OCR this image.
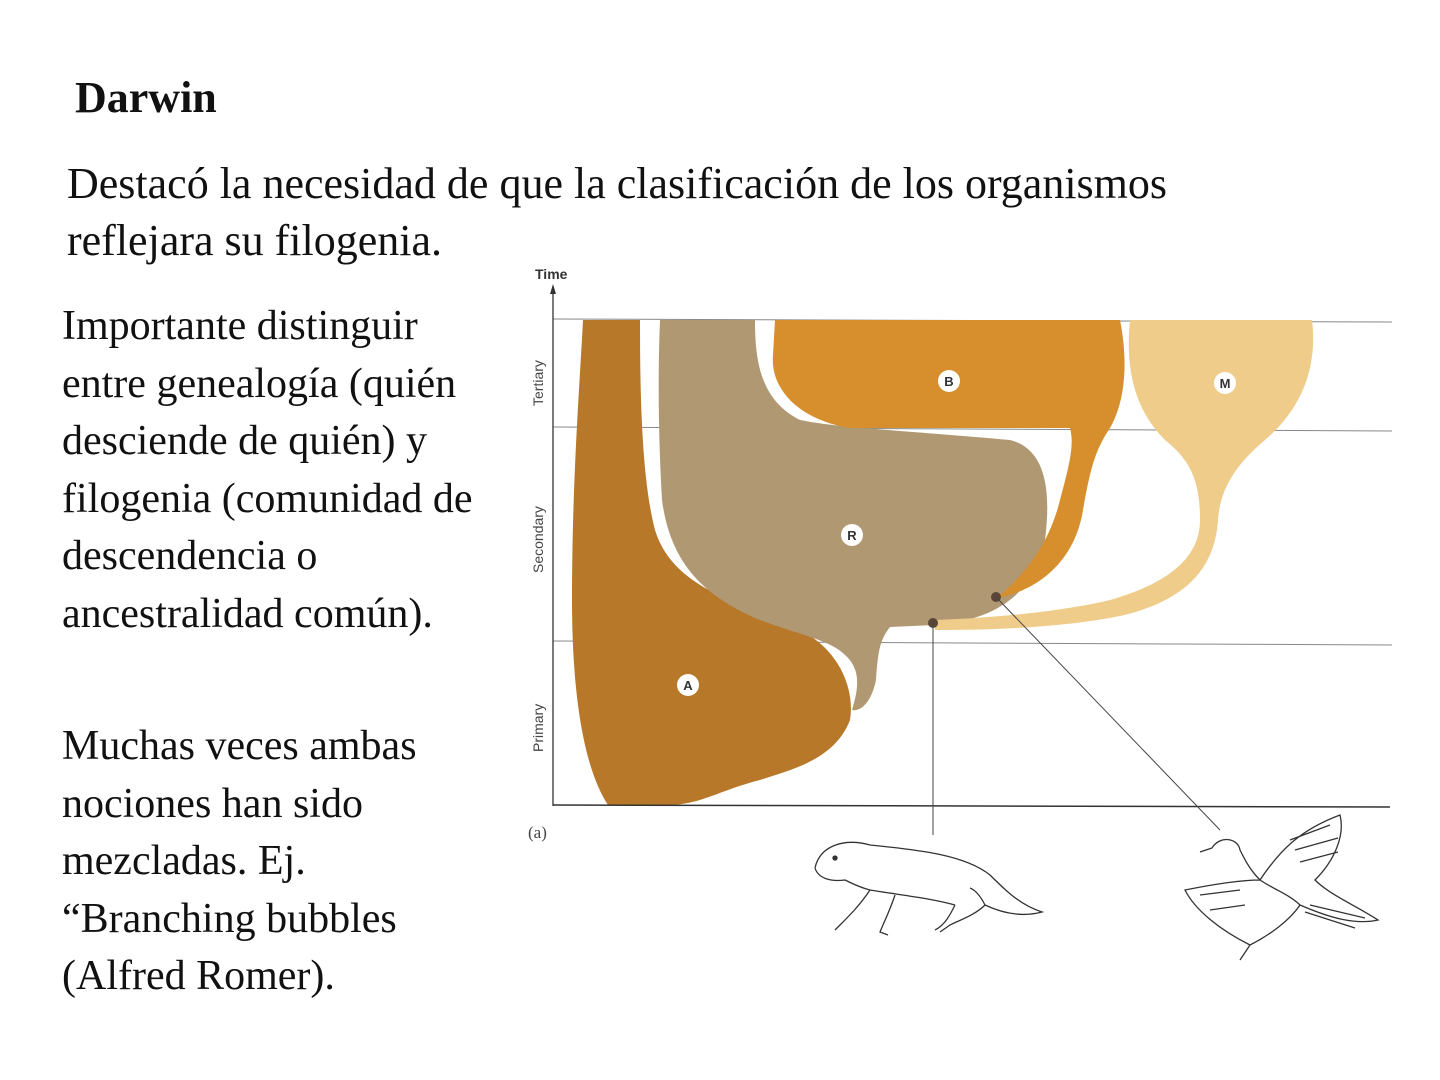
Darwin
Destacó la necesidad de que la clasificación de los organismos reflejara su filogenia.
Importante distinguir entre genealogía (quién desciende de quién) y filogenia (comunidad de descendencia o ancestralidad común).
Muchas veces ambas nociones han sido mezcladas. Ej. “Branching bubbles (Alfred Romer).
Time
Tertiary
Secondary
Primary
A
R
B	M
(a)
